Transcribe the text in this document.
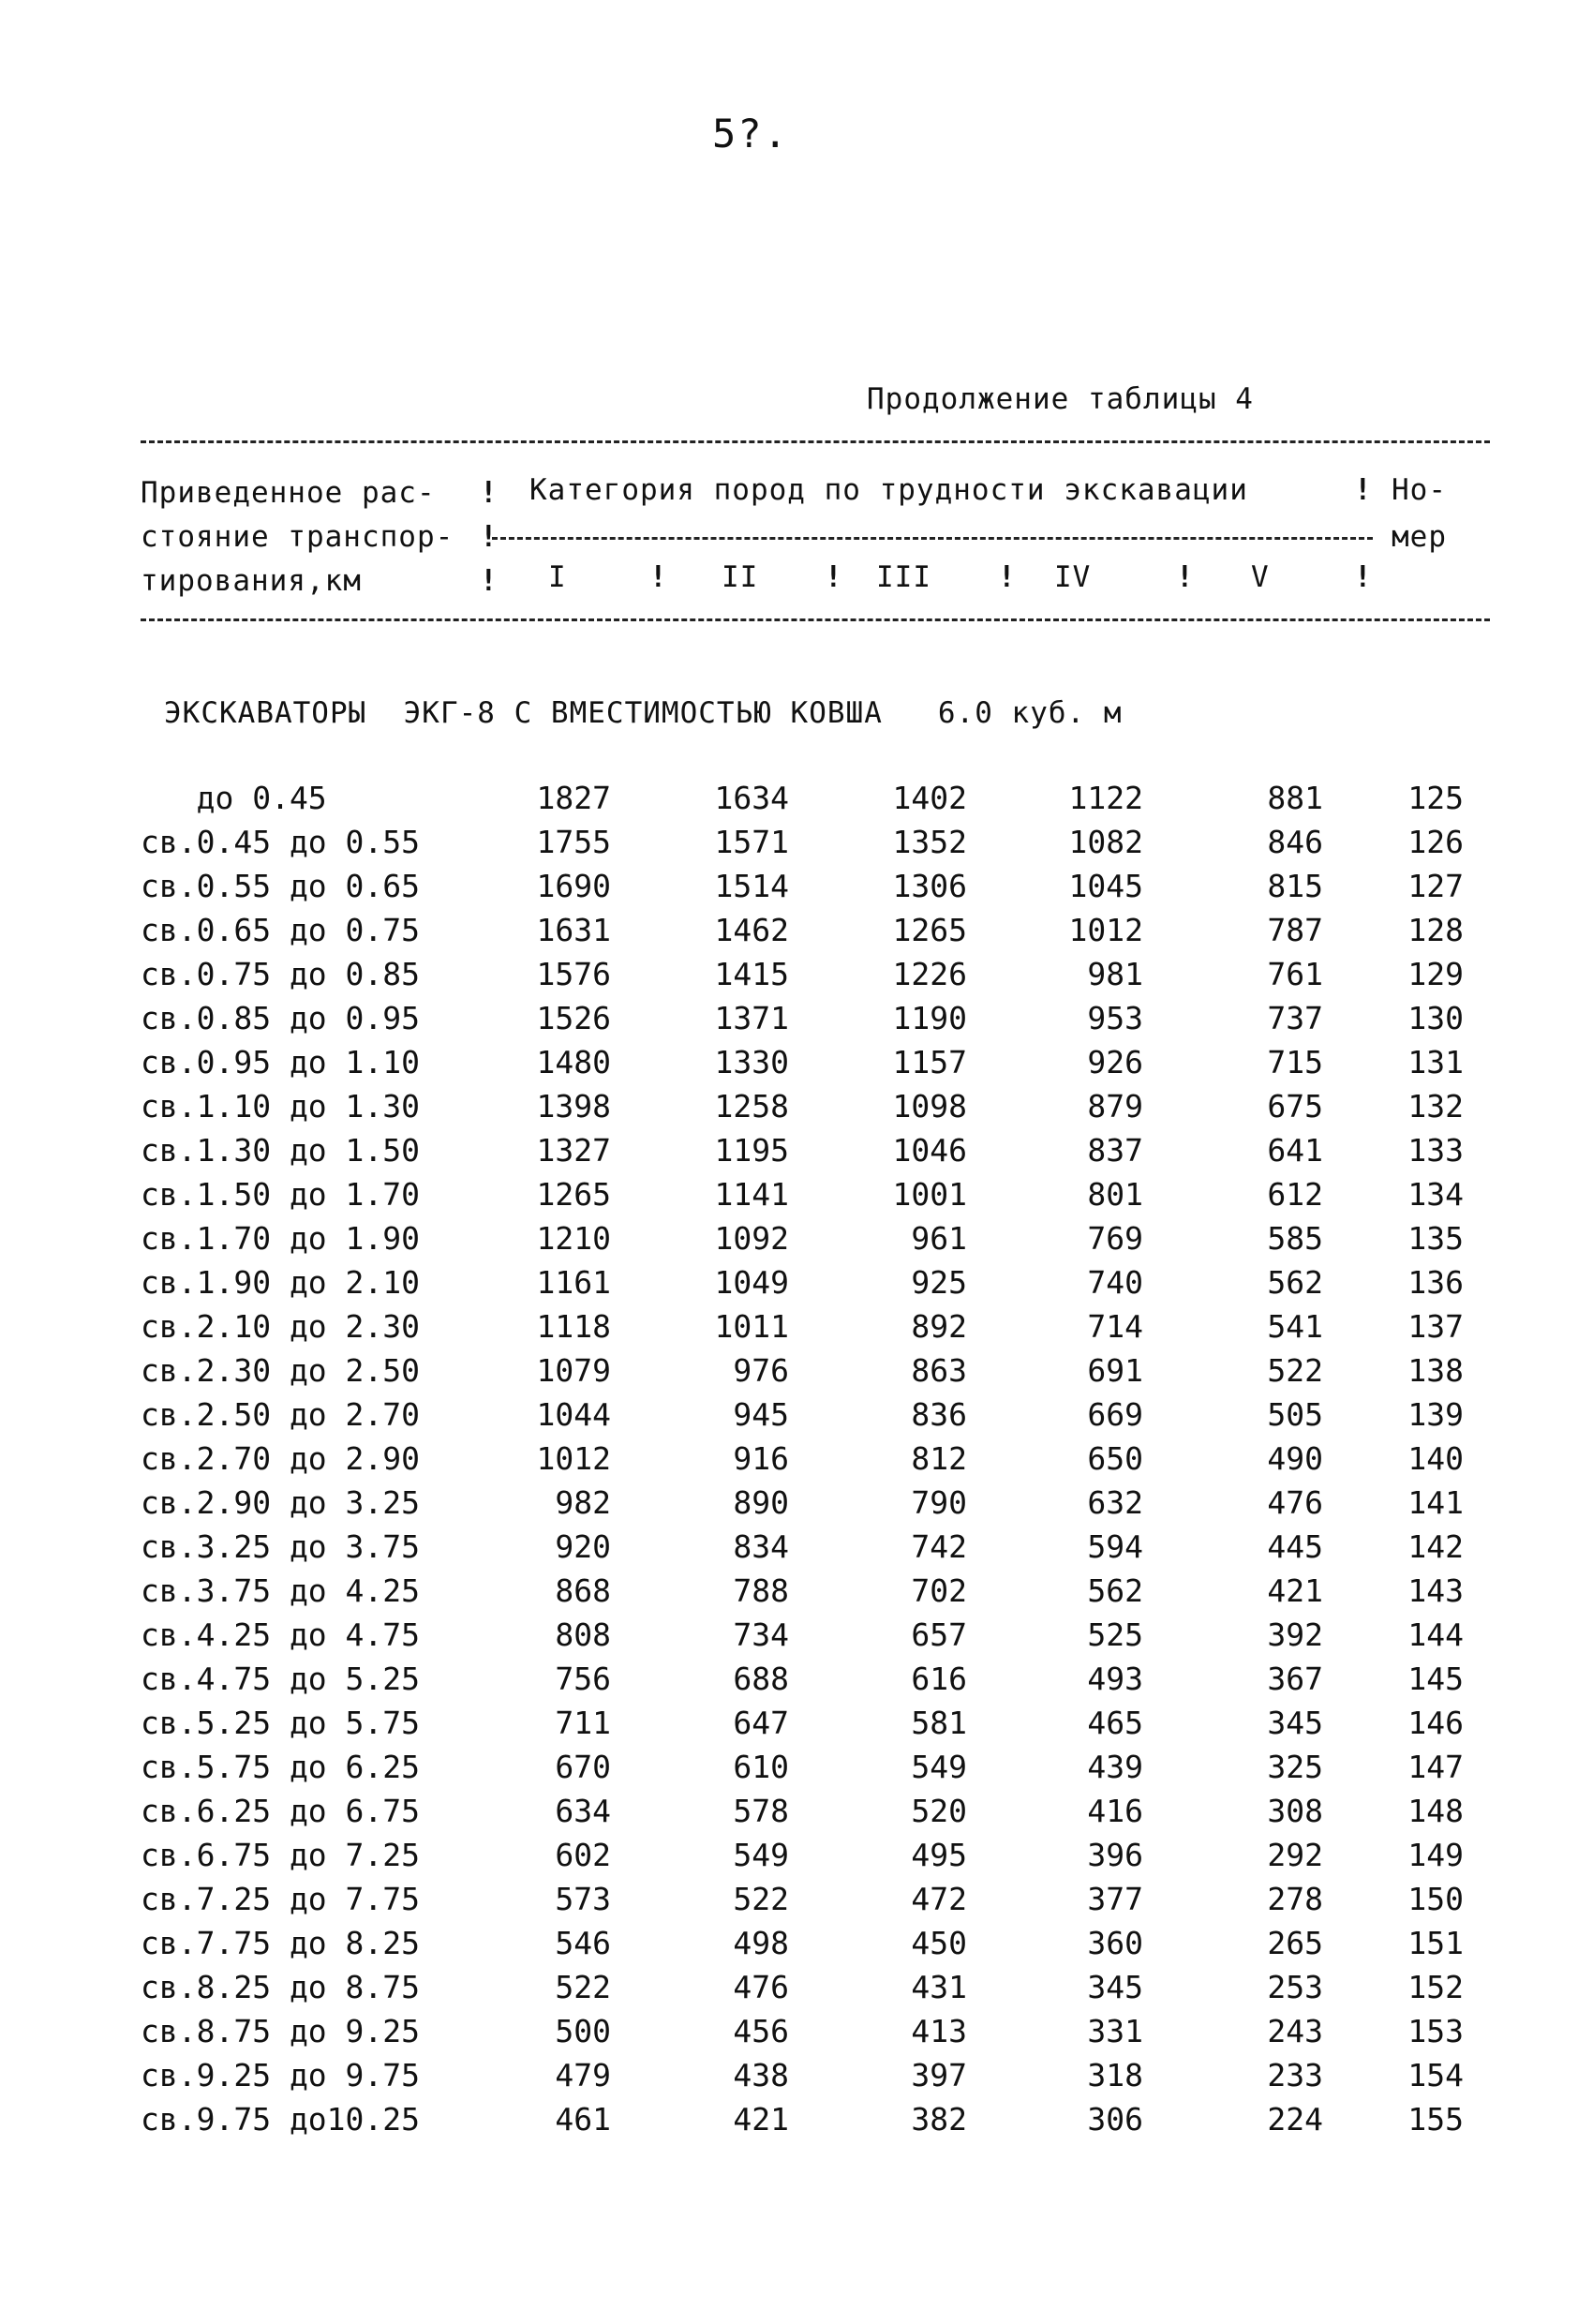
5?.
Продолжение таблицы 4
Приведенное рас-
стояние транспор-
тирования,км
!
!
!
Категория пород по трудности экскавации	! Но-
мер
I	! II ! III ! IV	! V	!
ЭКСКАВАТОРЫ  ЭКГ-8 С ВМЕСТИМОСТЬЮ КОВША   6.0 куб. м
до 0.45	1827	1634	1402	1122	881	125
св.0.45 до 0.55	1755	1571	1352	1082	846	126
св.0.55 до 0.65	1690	1514	1306	1045	815	127
св.0.65 до 0.75	1631	1462	1265	1012	787	128
св.0.75 до 0.85	1576	1415	1226	981	761	129
св.0.85 до 0.95	1526	1371	1190	953	737	130
св.0.95 до 1.10	1480	1330	1157	926	715	131
св.1.10 до 1.30	1398	1258	1098	879	675	132
св.1.30 до 1.50	1327	1195	1046	837	641	133
св.1.50 до 1.70	1265	1141	1001	801	612	134
св.1.70 до 1.90	1210	1092	961	769	585	135
св.1.90 до 2.10	1161	1049	925	740	562	136
св.2.10 до 2.30	1118	1011	892	714	541	137
св.2.30 до 2.50	1079	976	863	691	522	138
св.2.50 до 2.70	1044	945	836	669	505	139
св.2.70 до 2.90	1012	916	812	650	490	140
св.2.90 до 3.25	982	890	790	632	476	141
св.3.25 до 3.75	920	834	742	594	445	142
св.3.75 до 4.25	868	788	702	562	421	143
св.4.25 до 4.75	808	734	657	525	392	144
св.4.75 до 5.25	756	688	616	493	367	145
св.5.25 до 5.75	711	647	581	465	345	146
св.5.75 до 6.25	670	610	549	439	325	147
св.6.25 до 6.75	634	578	520	416	308	148
св.6.75 до 7.25	602	549	495	396	292	149
св.7.25 до 7.75	573	522	472	377	278	150
св.7.75 до 8.25	546	498	450	360	265	151
св.8.25 до 8.75	522	476	431	345	253	152
св.8.75 до 9.25	500	456	413	331	243	153
св.9.25 до 9.75	479	438	397	318	233	154
св.9.75 до10.25	461	421	382	306	224	155
